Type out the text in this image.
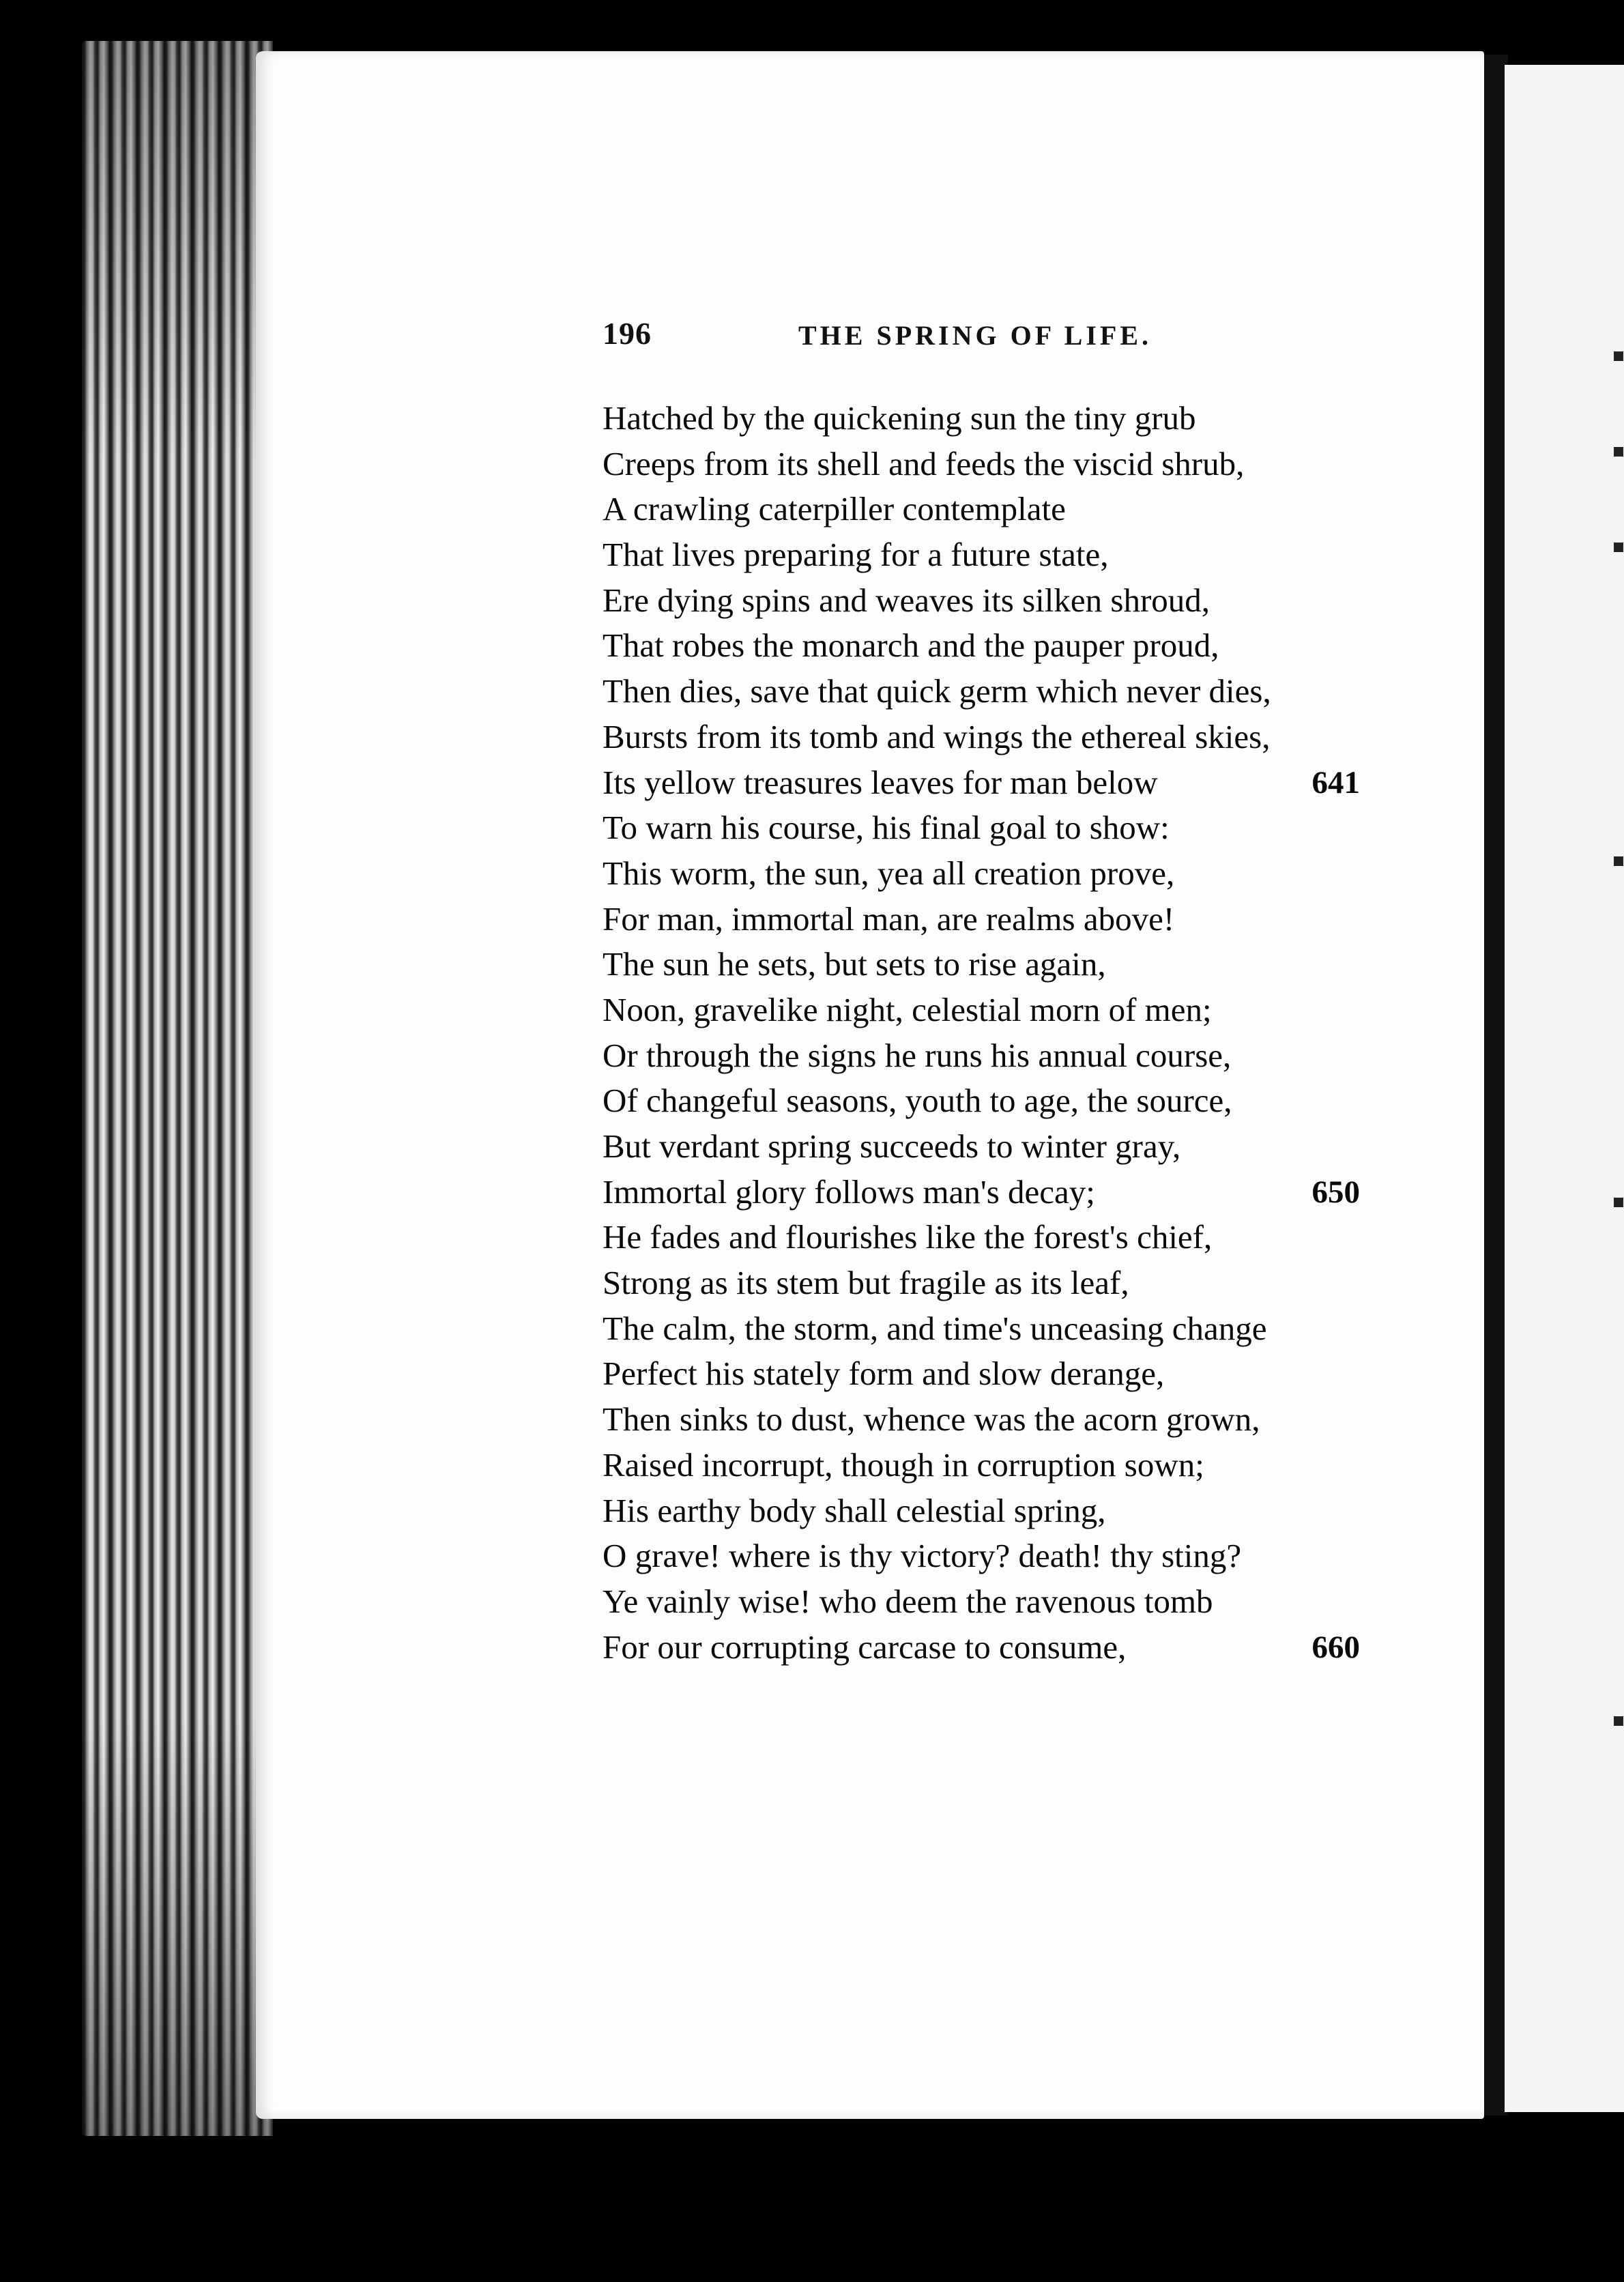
196	THE SPRING OF LIFE.
Hatched by the quickening sun the tiny grub
Creeps from its shell and feeds the viscid shrub,
A crawling caterpiller contemplate
That lives preparing for a future state,
Ere dying spins and weaves its silken shroud,
That robes the monarch and the pauper proud,
Then dies, save that quick germ which never dies,
Bursts from its tomb and wings the ethereal skies,
Its yellow treasures leaves for man below	641
To warn his course, his final goal to show:
This worm, the sun, yea all creation prove,
For man, immortal man, are realms above!
The sun he sets, but sets to rise again,
Noon, gravelike night, celestial morn of men;
Or through the signs he runs his annual course,
Of changeful seasons, youth to age, the source,
But verdant spring succeeds to winter gray,
Immortal glory follows man's decay;	650
He fades and flourishes like the forest's chief,
Strong as its stem but fragile as its leaf,
The calm, the storm, and time's unceasing change
Perfect his stately form and slow derange,
Then sinks to dust, whence was the acorn grown,
Raised incorrupt, though in corruption sown;
His earthy body shall celestial spring,
O grave! where is thy victory? death! thy sting?
Ye vainly wise! who deem the ravenous tomb
For our corrupting carcase to consume,	660
